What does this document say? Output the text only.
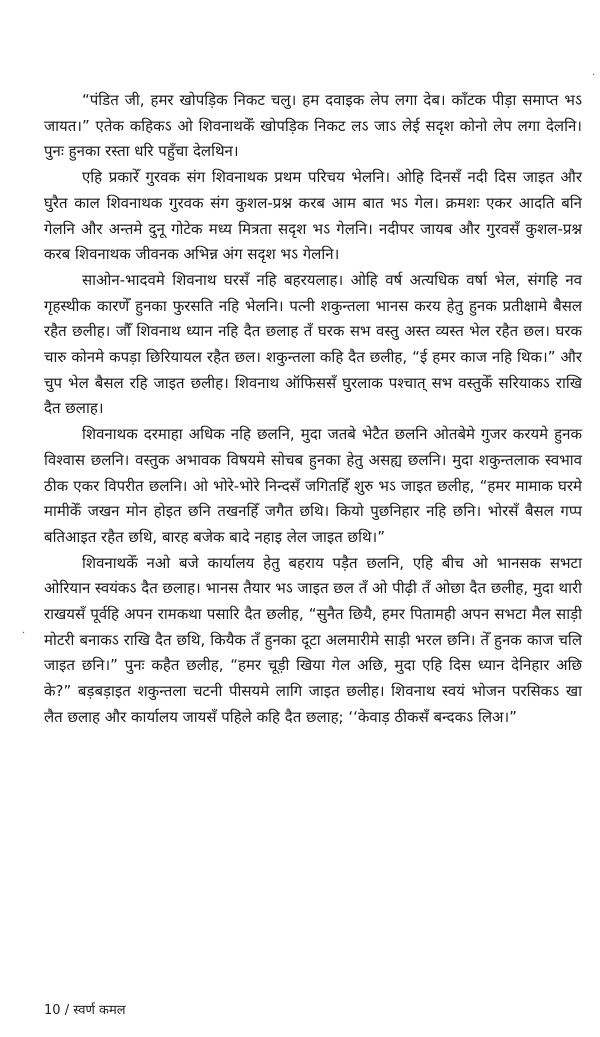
·
·

“पंडित जी, हमर खोपड़िक निकट चलु। हम दवाइक लेप लगा देब। काँटक पीड़ा समाप्त भऽ जायत।” एतेक कहिकऽ ओ शिवनाथकेँ खोपड़िक निकट लऽ जाऽ लेई सदृश कोनो लेप लगा देलनि। पुनः हुनका रस्ता धरि पहुँचा देलथिन।

एहि प्रकारेँ गुरवक संग शिवनाथक प्रथम परिचय भेलनि। ओहि दिनसँ नदी दिस जाइत और घुरैत काल शिवनाथक गुरवक संग कुशल-प्रश्न करब आम बात भऽ गेल। क्रमशः एकर आदति बनि गेलनि और अन्तमे दुनू गोटेक मध्य मित्रता सदृश भऽ गेलनि। नदीपर जायब और गुरवसँ कुशल-प्रश्न करब शिवनाथक जीवनक अभिन्न अंग सदृश भऽ गेलनि।

साओन-भादवमे शिवनाथ घरसँ नहि बहरयलाह। ओहि वर्ष अत्यधिक वर्षा भेल, संगहि नव गृहस्थीक कारणेँ हुनका फुरसति नहि भेलनि। पत्नी शकुन्तला भानस करय हेतु हुनक प्रतीक्षामे बैसल रहैत छलीह। जौँ शिवनाथ ध्यान नहि दैत छलाह तँ घरक सभ वस्तु अस्त व्यस्त भेल रहैत छल। घरक चारु कोनमे कपड़ा छिरियायल रहैत छल। शकुन्तला कहि दैत छलीह, “ई हमर काज नहि थिक।” और चुप भेल बैसल रहि जाइत छलीह। शिवनाथ ऑफिससँ घुरलाक पश्चात् सभ वस्तुकेँ सरियाकऽ राखि दैत छलाह।

शिवनाथक दरमाहा अधिक नहि छलनि, मुदा जतबे भेटैत छलनि ओतबेमे गुजर करयमे हुनक विश्वास छलनि। वस्तुक अभावक विषयमे सोचब हुनका हेतु असह्य छलनि। मुदा शकुन्तलाक स्वभाव ठीक एकर विपरीत छलनि। ओ भोरे-भोरे निन्दसँ जगितहिँ शुरु भऽ जाइत छलीह, “हमर मामाक घरमे मामीकेँ जखन मोन होइत छनि तखनहिँ जगैत छथि। कियो पुछनिहार नहि छनि। भोरसँ बैसल गप्प बतिआइत रहैत छथि, बारह बजेक बादे नहाइ लेल जाइत छथि।”

शिवनाथकेँ नओ बजे कार्यालय हेतु बहराय पड़ैत छलनि, एहि बीच ओ भानसक सभटा ओरियान स्वयंकऽ दैत छलाह। भानस तैयार भऽ जाइत छल तँ ओ पीढ़ी तँ ओछा दैत छलीह, मुदा थारी राखयसँ पूर्वहि अपन रामकथा पसारि दैत छलीह, “सुनैत छियै, हमर पितामही अपन सभटा मैल साड़ी मोटरी बनाकऽ राखि दैत छथि, कियैक तँ हुनका दूटा अलमारीमे साड़ी भरल छनि। तेँ हुनक काज चलि जाइत छनि।” पुनः कहैत छलीह, “हमर चूड़ी खिया गेल अछि, मुदा एहि दिस ध्यान देनिहार अछि के?” बड़बड़ाइत शकुन्तला चटनी पीसयमे लागि जाइत छलीह। शिवनाथ स्वयं भोजन परसिकऽ खा लैत छलाह और कार्यालय जायसँ पहिले कहि दैत छलाह; ‘‘केवाड़ ठीकसँ बन्दकऽ लिअ।”

10 / स्वर्ण कमल
